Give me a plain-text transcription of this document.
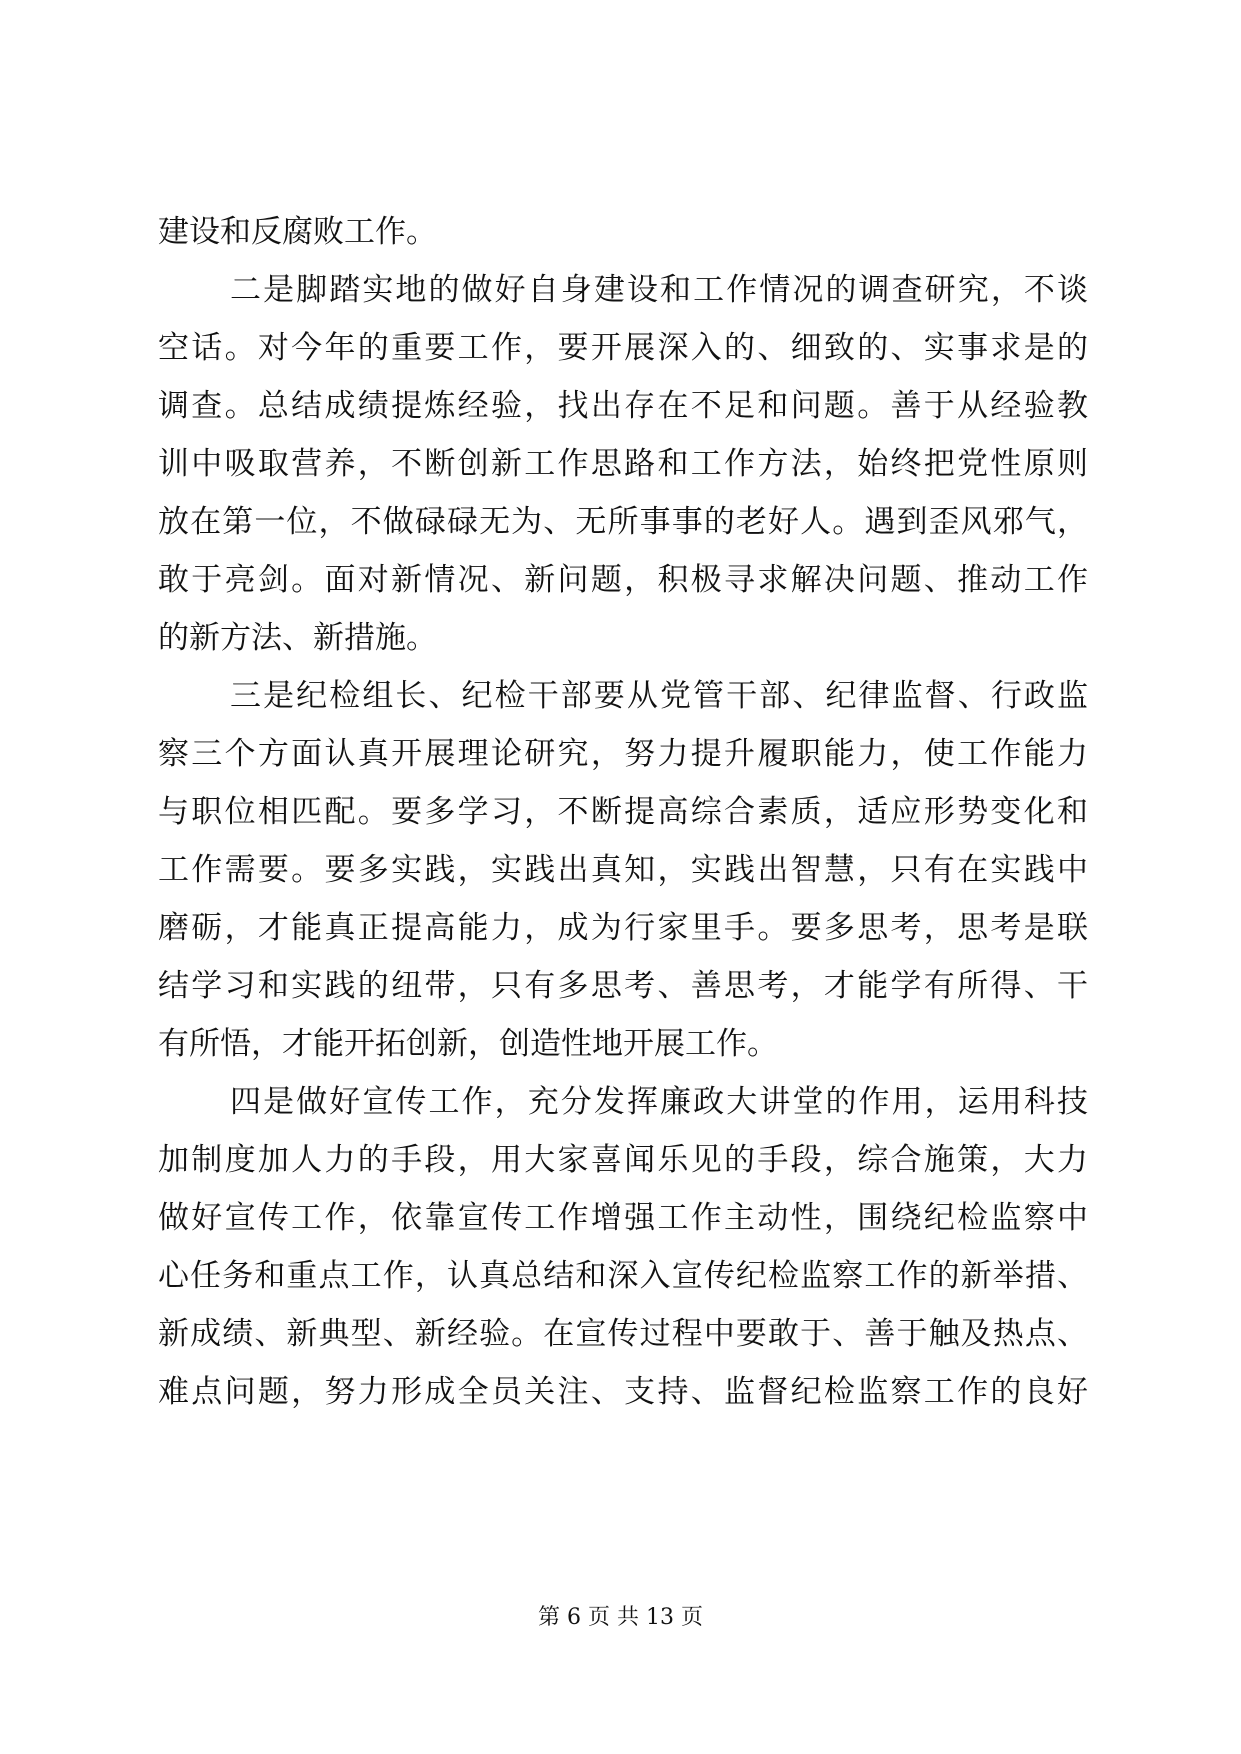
建设和反腐败工作。
二是脚踏实地的做好自身建设和工作情况的调查研究，不谈
空话。对今年的重要工作，要开展深入的、细致的、实事求是的
调查。总结成绩提炼经验，找出存在不足和问题。善于从经验教
训中吸取营养，不断创新工作思路和工作方法，始终把党性原则
放在第一位，不做碌碌无为、无所事事的老好人。遇到歪风邪气，
敢于亮剑。面对新情况、新问题，积极寻求解决问题、推动工作
的新方法、新措施。
三是纪检组长、纪检干部要从党管干部、纪律监督、行政监
察三个方面认真开展理论研究，努力提升履职能力，使工作能力
与职位相匹配。要多学习，不断提高综合素质，适应形势变化和
工作需要。要多实践，实践出真知，实践出智慧，只有在实践中
磨砺，才能真正提高能力，成为行家里手。要多思考，思考是联
结学习和实践的纽带，只有多思考、善思考，才能学有所得、干
有所悟，才能开拓创新，创造性地开展工作。
四是做好宣传工作，充分发挥廉政大讲堂的作用，运用科技
加制度加人力的手段，用大家喜闻乐见的手段，综合施策，大力
做好宣传工作，依靠宣传工作增强工作主动性，围绕纪检监察中
心任务和重点工作，认真总结和深入宣传纪检监察工作的新举措、
新成绩、新典型、新经验。在宣传过程中要敢于、善于触及热点、
难点问题，努力形成全员关注、支持、监督纪检监察工作的良好
第 6 页 共 13 页
